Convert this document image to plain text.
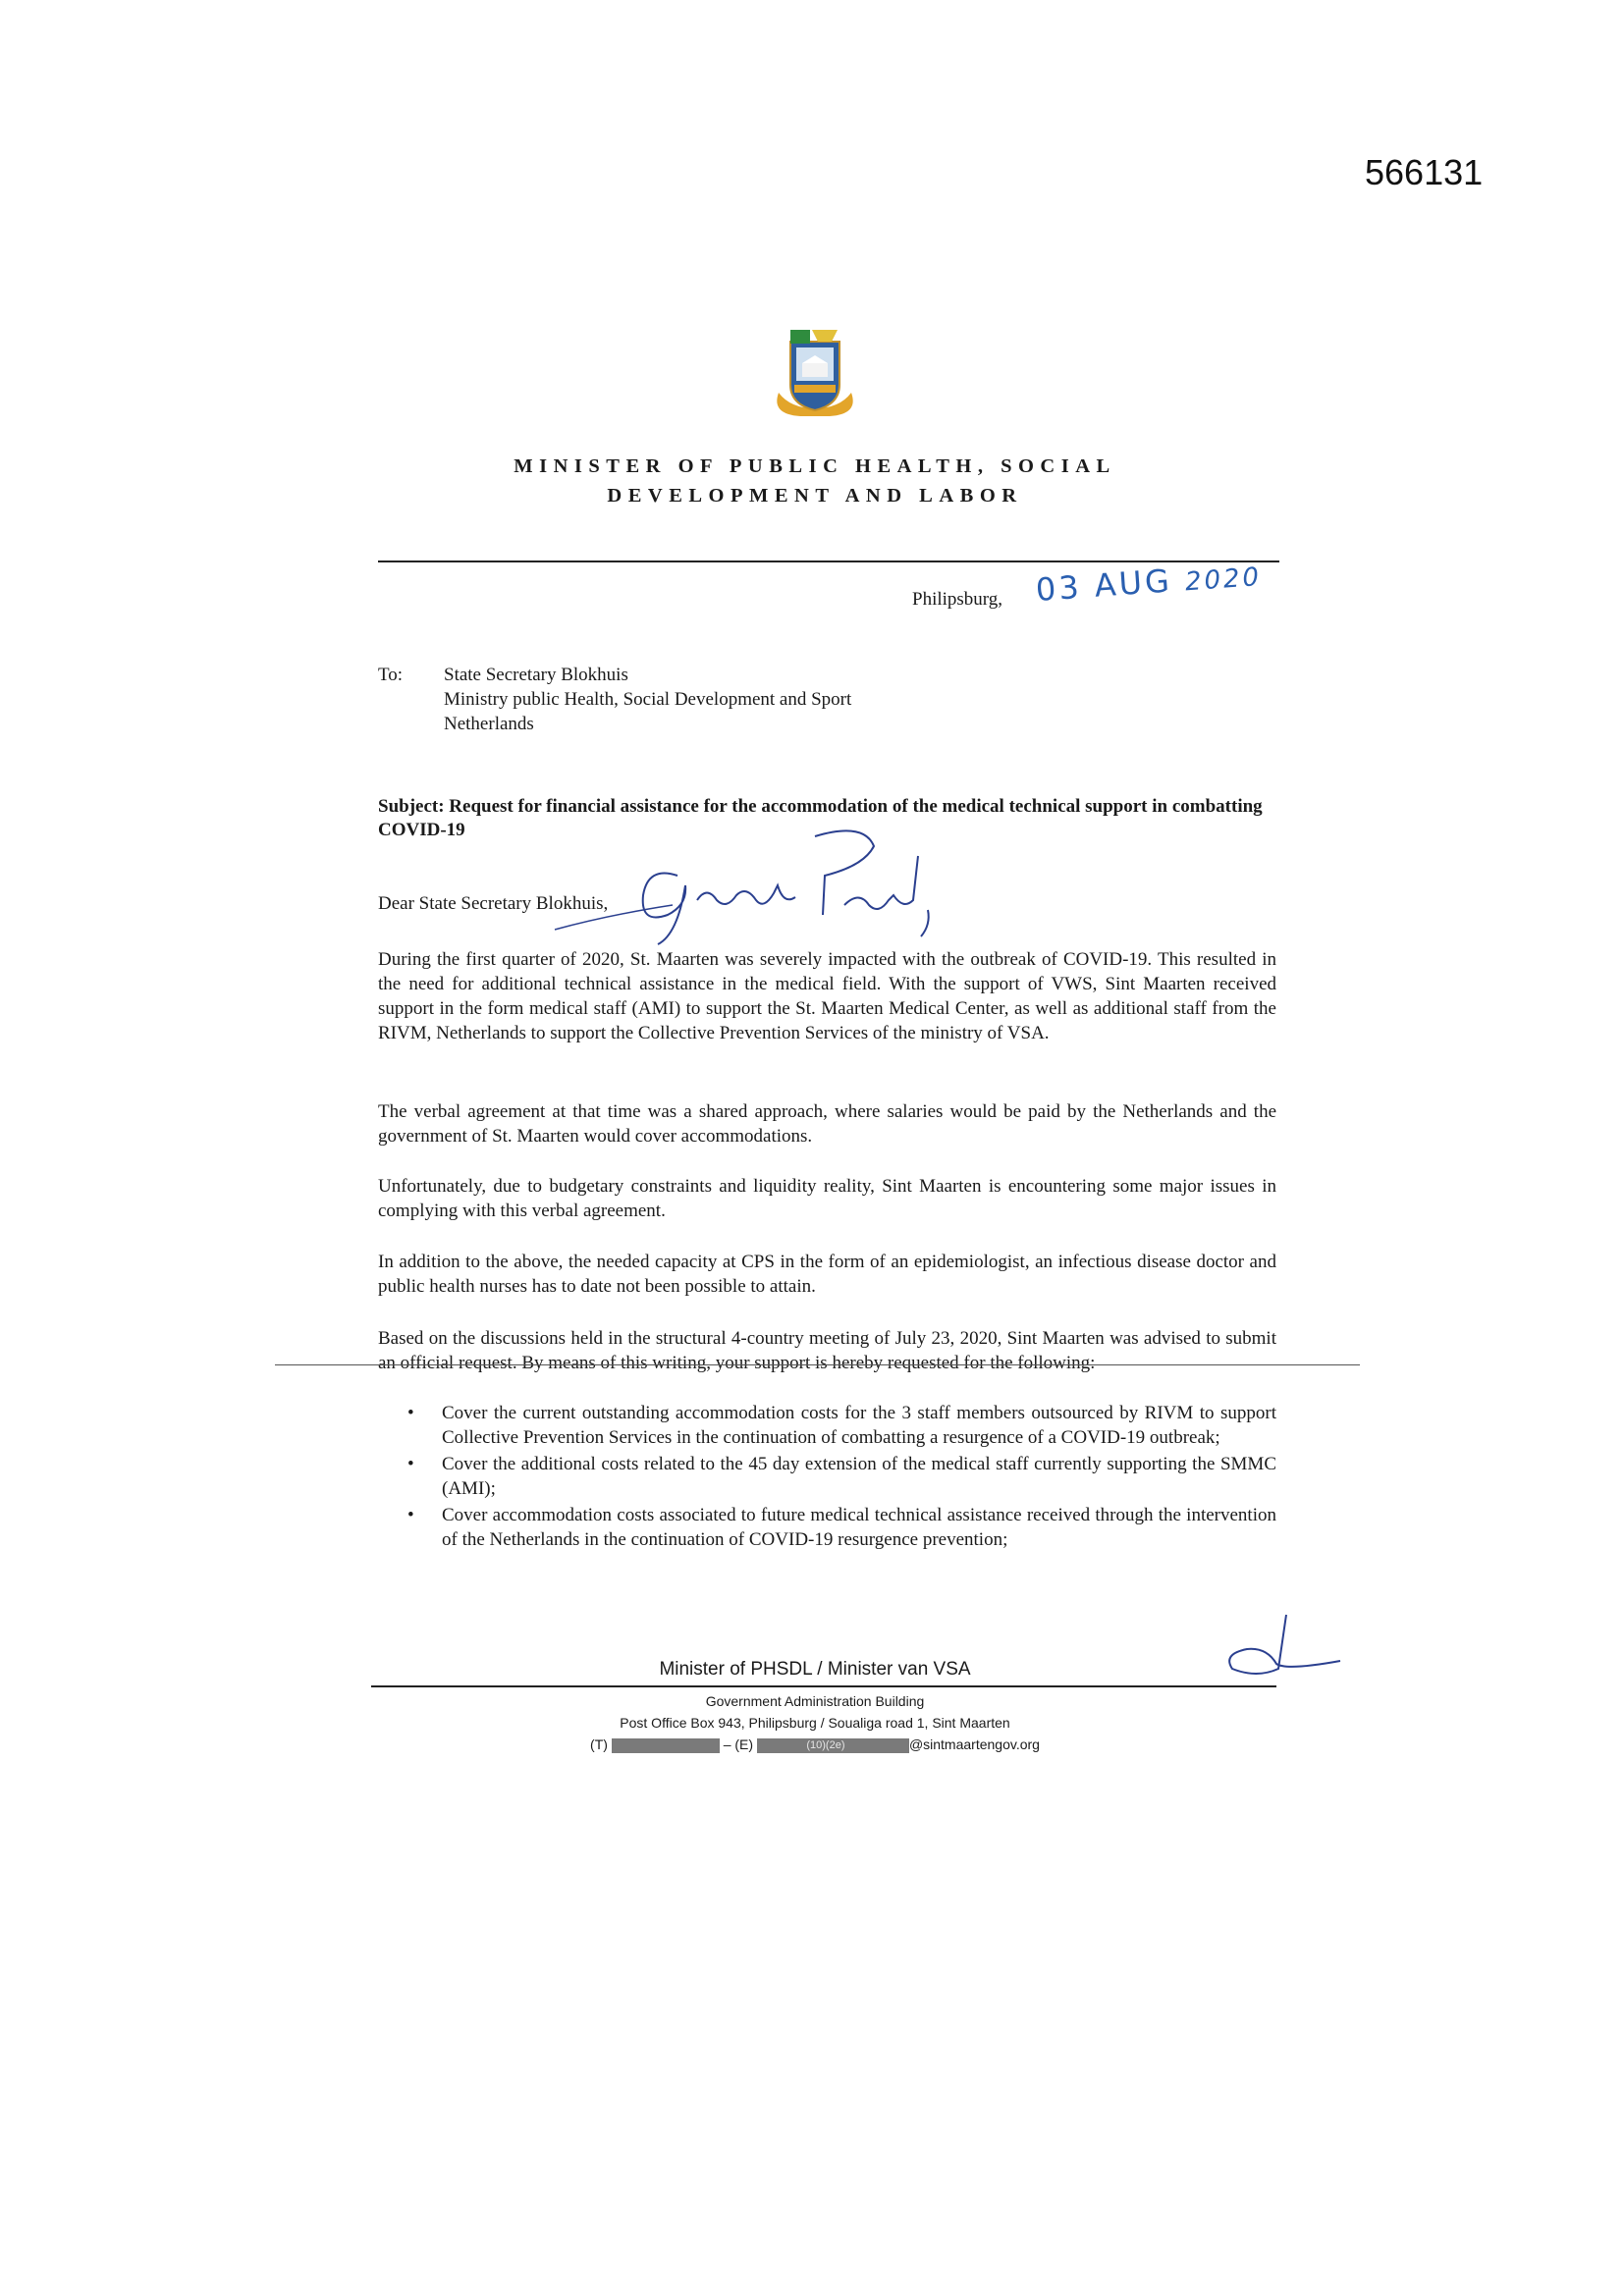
566131
MINISTER OF PUBLIC HEALTH, SOCIAL
DEVELOPMENT AND LABOR
Philipsburg, 03 AUG 2020
To: State Secretary Blokhuis
Ministry public Health, Social Development and Sport
Netherlands
Subject: Request for financial assistance for the accommodation of the medical technical support in combatting COVID-19
Dear State Secretary Blokhuis,
During the first quarter of 2020, St. Maarten was severely impacted with the outbreak of COVID-19. This resulted in the need for additional technical assistance in the medical field. With the support of VWS, Sint Maarten received support in the form medical staff (AMI) to support the St. Maarten Medical Center, as well as additional staff from the RIVM, Netherlands to support the Collective Prevention Services of the ministry of VSA.
The verbal agreement at that time was a shared approach, where salaries would be paid by the Netherlands and the government of St. Maarten would cover accommodations.
Unfortunately, due to budgetary constraints and liquidity reality, Sint Maarten is encountering some major issues in complying with this verbal agreement.
In addition to the above, the needed capacity at CPS in the form of an epidemiologist, an infectious disease doctor and public health nurses has to date not been possible to attain.
Based on the discussions held in the structural 4-country meeting of July 23, 2020, Sint Maarten was advised to submit an official request. By means of this writing, your support is hereby requested for the following:
• Cover the current outstanding accommodation costs for the 3 staff members outsourced by RIVM to support Collective Prevention Services in the continuation of combatting a resurgence of a COVID-19 outbreak;
• Cover the additional costs related to the 45 day extension of the medical staff currently supporting the SMMC (AMI);
• Cover accommodation costs associated to future medical technical assistance received through the intervention of the Netherlands in the continuation of COVID-19 resurgence prevention;
Minister of PHSDL / Minister van VSA
Government Administration Building
Post Office Box 943, Philipsburg / Soualiga road 1, Sint Maarten
(T)	– (E)	(10)(2e)	@sintmaartengov.org
